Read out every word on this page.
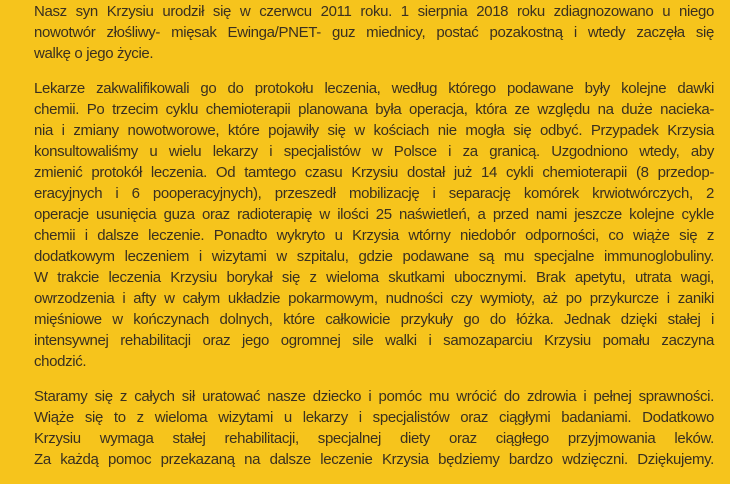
Nasz syn Krzysiu urodził się w czerwcu 2011 roku. 1 sierpnia 2018 roku zdiagnozowano u niego
nowotwór złośliwy- mięsak Ewinga/PNET- guz miednicy, postać pozakostną i wtedy zaczęła się
walkę o jego życie.
Lekarze zakwalifikowali go do protokołu leczenia, według którego podawane były kolejne dawki
chemii. Po trzecim cyklu chemioterapii planowana była operacja, która ze względu na duże nacieka-
nia i zmiany nowotworowe, które pojawiły się w kościach nie mogła się odbyć. Przypadek Krzysia
konsultowaliśmy u wielu lekarzy i specjalistów w Polsce i za granicą. Uzgodniono wtedy, aby
zmienić protokół leczenia. Od tamtego czasu Krzysiu dostał już 14 cykli chemioterapii (8 przedop-
eracyjnych i 6 pooperacyjnych), przeszedł mobilizację i separację komórek krwiotwórczych, 2
operacje usunięcia guza oraz radioterapię w ilości 25 naświetleń, a przed nami jeszcze kolejne cykle
chemii i dalsze leczenie. Ponadto wykryto u Krzysia wtórny niedobór odporności, co wiąże się z
dodatkowym leczeniem i wizytami w szpitalu, gdzie podawane są mu specjalne immunoglobuliny.
W trakcie leczenia Krzysiu borykał się z wieloma skutkami ubocznymi. Brak apetytu, utrata wagi,
owrzodzenia i afty w całym układzie pokarmowym, nudności czy wymioty, aż po przykurcze i zaniki
mięśniowe w kończynach dolnych, które całkowicie przykuły go do łóżka. Jednak dzięki stałej i
intensywnej rehabilitacji oraz jego ogromnej sile walki i samozaparciu Krzysiu pomału zaczyna
chodzić.
Staramy się z całych sił uratować nasze dziecko i pomóc mu wrócić do zdrowia i pełnej sprawności.
Wiąże się to z wieloma wizytami u lekarzy i specjalistów oraz ciągłymi badaniami. Dodatkowo
Krzysiu wymaga stałej rehabilitacji, specjalnej diety oraz ciągłego przyjmowania leków.
Za każdą pomoc przekazaną na dalsze leczenie Krzysia będziemy bardzo wdzięczni. Dziękujemy.
